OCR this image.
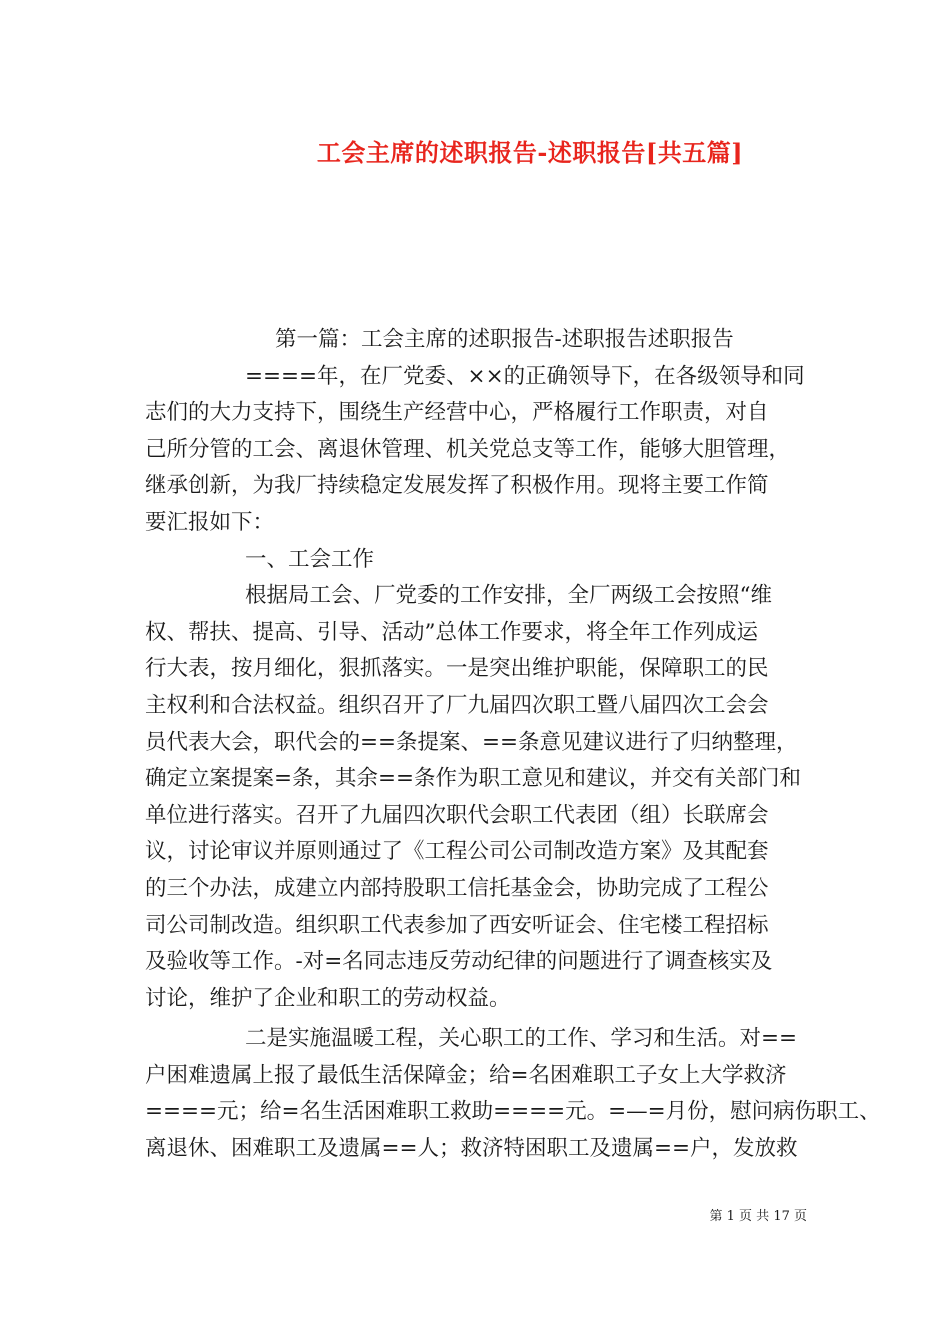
工会主席的述职报告-述职报告[共五篇]
第一篇：工会主席的述职报告-述职报告述职报告
====年，在厂党委、××的正确领导下，在各级领导和同
志们的大力支持下，围绕生产经营中心，严格履行工作职责，对自
己所分管的工会、离退休管理、机关党总支等工作，能够大胆管理，
继承创新，为我厂持续稳定发展发挥了积极作用。现将主要工作简
要汇报如下：
一、工会工作
根据局工会、厂党委的工作安排，全厂两级工会按照“维
权、帮扶、提高、引导、活动”总体工作要求，将全年工作列成运
行大表，按月细化，狠抓落实。一是突出维护职能，保障职工的民
主权利和合法权益。组织召开了厂九届四次职工暨八届四次工会会
员代表大会，职代会的==条提案、==条意见建议进行了归纳整理，
确定立案提案=条，其余==条作为职工意见和建议，并交有关部门和
单位进行落实。召开了九届四次职代会职工代表团（组）长联席会
议，讨论审议并原则通过了《工程公司公司制改造方案》及其配套
的三个办法，成建立内部持股职工信托基金会，协助完成了工程公
司公司制改造。组织职工代表参加了西安听证会、住宅楼工程招标
及验收等工作。-对=名同志违反劳动纪律的问题进行了调查核实及
讨论，维护了企业和职工的劳动权益。
二是实施温暖工程，关心职工的工作、学习和生活。对==
户困难遗属上报了最低生活保障金；给=名困难职工子女上大学救济
====元；给=名生活困难职工救助====元。=—=月份，慰问病伤职工、
离退休、困难职工及遗属==人；救济特困职工及遗属==户，发放救
第 1 页 共 17 页
